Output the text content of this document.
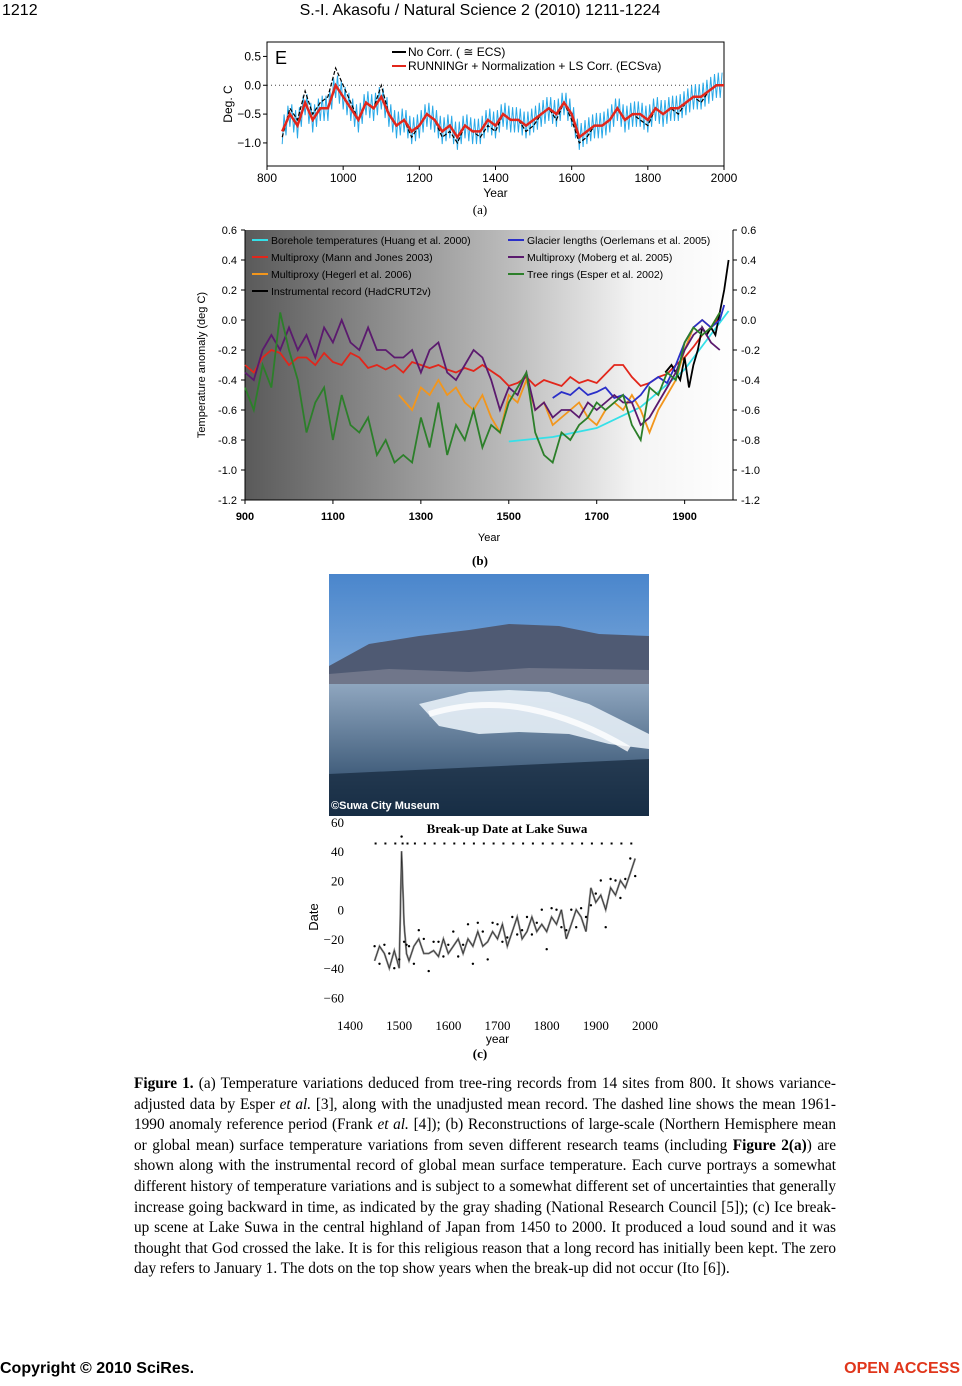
1212	S.-I. Akasofu / Natural Science 2 (2010) 1211-1224
800	1000	1200	1400	1600	1800	2000
0.5
0.0
−0.5
−1.0
Year
Deg. C
E	No Corr. ( ≅ ECS)
RUNNINGr + Normalization + LS Corr. (ECSva)
(a)
900	1100	1300	1500	1700	1900
0.6	0.6
0.4	0.4
0.2	0.2
0.0	0.0
-0.2	-0.2
-0.4	-0.4
-0.6	-0.6
-0.8	-0.8
-1.0	-1.0
-1.2	-1.2
Year
Temperature anomaly (deg C)
Borehole temperatures (Huang et al. 2000)
Multiproxy (Mann and Jones 2003)
Multiproxy (Hegerl et al. 2006)
Instrumental record (HadCRUT2v)
Glacier lengths (Oerlemans et al. 2005)
Multiproxy (Moberg et al. 2005)
Tree rings (Esper et al. 2002)
(b)
©Suwa City Museum
Break-up Date at Lake Suwa
60
40
20
0
−20
−40
−60
1400 1500 1600 1700 1800 1900 2000
year
Date
(c)
Figure 1. (a) Temperature variations deduced from tree-ring records from 14 sites from 800. It shows variance-adjusted data by Esper et al. [3], along with the unadjusted mean record. The dashed line shows the mean 1961-1990 anomaly reference period (Frank et al. [4]); (b) Reconstructions of large-scale (Northern Hemisphere mean or global mean) surface temperature variations from seven different research teams (including Figure 2(a)) are shown along with the instrumental record of global mean surface temperature. Each curve portrays a somewhat different history of temperature variations and is subject to a somewhat different set of uncertainties that generally increase going backward in time, as indicated by the gray shading (National Research Council [5]); (c) Ice break-up scene at Lake Suwa in the central highland of Japan from 1450 to 2000. It produced a loud sound and it was thought that God crossed the lake. It is for this religious reason that a long record has initially been kept. The zero day refers to January 1. The dots on the top show years when the break-up did not occur (Ito [6]).
Copyright © 2010 SciRes.	OPEN ACCESS
